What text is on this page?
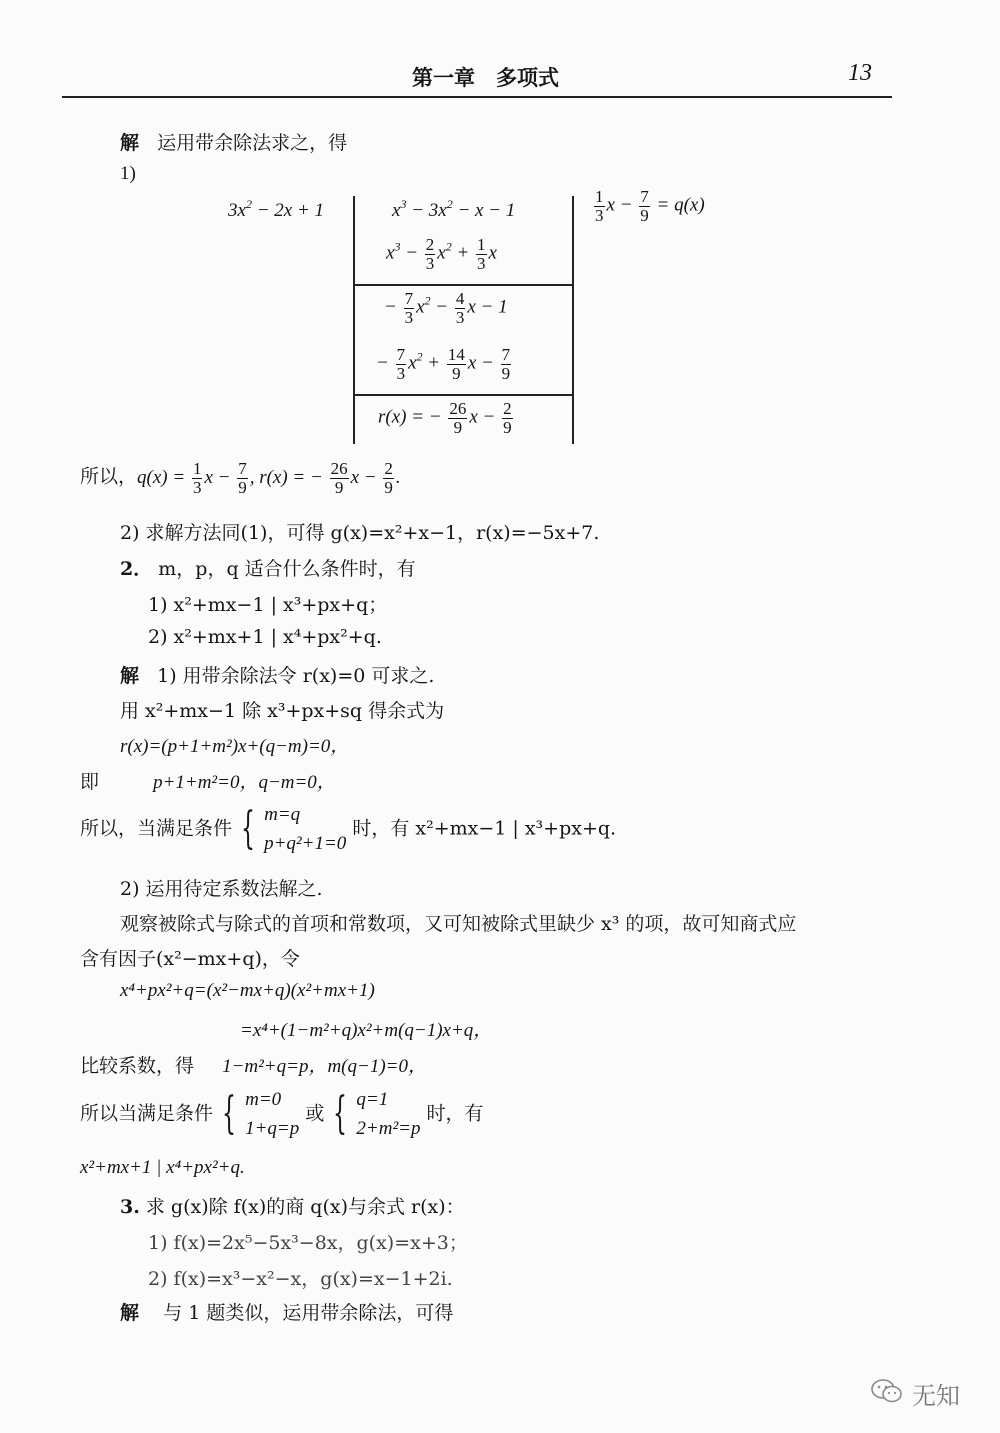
第一章　多项式	13
解 运用带余除法求之，得
1)
$3x^2 - 2x + 1$	$x^3 - 3x^2 - x - 1$	$\frac{1}{3}$ $x - \frac{7}{9} = q(x)$
$x^3 - \frac{2}{3} x^2 + \frac{1}{3}$ x
− $\frac{7}{3} x^2 - \frac{4}{3}$ x − 1
− $\frac{7}{3} x^2 + \frac{14}{9}$ $x - \frac{7}{9}$
r(x) = − $\frac{26}{9}$ $x - \frac{2}{9}$
所以，$q(x) = \frac{1}{3}$ $x - \frac{7}{9}$ , r(x) = − $\frac{26}{9}$ $x - \frac{2}{9}$ .
2) 求解方法同(1)，可得 g(x)=x²+x−1，r(x)=−5x+7.
2． m，p，q 适合什么条件时，有
1) x²+mx−1 | x³+px+q；
2) x²+mx+1 | x⁴+px²+q.
解 1) 用带余除法令 r(x)=0 可求之.
用 x²+mx−1 除 x³+px+sq 得余式为
r(x)=(p+1+m²)x+(q−m)=0，
即	p+1+m²=0，q−m=0，
所以，当满足条件 { m=q
p+q²+1=0
时，有 x²+mx−1 | x³+px+q.
2) 运用待定系数法解之.
观察被除式与除式的首项和常数项，又可知被除式里缺少 x³ 的项，故可知商式应
含有因子(x²−mx+q)，令
x⁴+px²+q=(x²−mx+q)(x²+mx+1)
=x⁴+(1−m²+q)x²+m(q−1)x+q，
比较系数，得 1−m²+q=p，m(q−1)=0，
所以当满足条件 { m=0
1+q=p
或 { q=1
2+m²=p
时，有
x²+mx+1 | x⁴+px²+q.
3. 求 g(x)除 f(x)的商 q(x)与余式 r(x)：
1) f(x)=2x⁵−5x³−8x，g(x)=x+3；
2) f(x)=x³−x²−x，g(x)=x−1+2i.
解 与 1 题类似，运用带余除法，可得
无知
